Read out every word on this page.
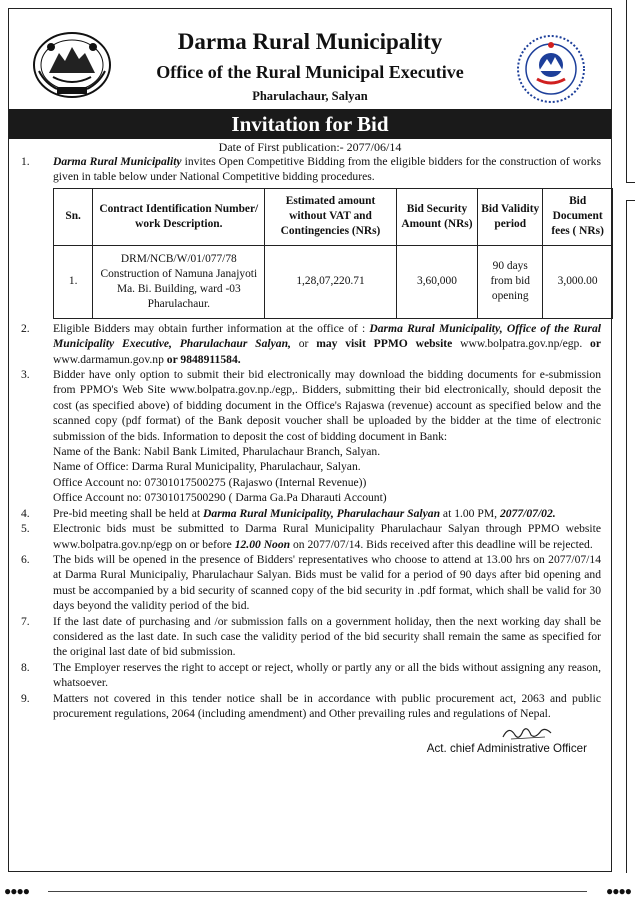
Darma Rural Municipality
Office of the Rural Municipal Executive
Pharulachaur, Salyan
Invitation for Bid
Date of First publication:- 2077/06/14
1.	Darma Rural Municipality invites Open Competitive Bidding from the eligible bidders for the construction of works given in table below under National Competitive bidding procedures.
Sn.	Contract Identification Number/ work Description.	Estimated amount without VAT and Contingencies (NRs)	Bid Security Amount (NRs)	Bid Validity period	Bid Document fees ( NRs)
1.	DRM/NCB/W/01/077/78
Construction of Namuna Janajyoti Ma. Bi. Building, ward -03 Pharulachaur.	1,28,07,220.71	3,60,000	90 days from bid opening	3,000.00
2.	Eligible Bidders may obtain further information at the office of : Darma Rural Municipality, Office of the Rural Municipality Executive, Pharulachaur Salyan, or may visit PPMO website www.bolpatra.gov.np/egp. or www.darmamun.gov.np or 9848911584.
3.	Bidder have only option to submit their bid electronically may download the bidding documents for e-submission from PPMO's Web Site www.bolpatra.gov.np./egp,. Bidders, submitting their bid electronically, should deposit the cost (as specified above) of bidding document in the Office's Rajaswa (revenue) account as specified below and the scanned copy (pdf format) of the Bank deposit voucher shall be uploaded by the bidder at the time of electronic submission of the bids. Information to deposit the cost of bidding document in Bank:
Name of the Bank: Nabil Bank Limited, Pharulachaur Branch, Salyan.
Name of Office: Darma Rural Municipality, Pharulachaur, Salyan.
Office Account no: 07301017500275 (Rajaswo (Internal Revenue))
Office Account no: 07301017500290 ( Darma Ga.Pa Dharauti Account)
4.	Pre-bid meeting shall be held at Darma Rural Municipality, Pharulachaur Salyan at 1.00 PM, 2077/07/02.
5.	Electronic bids must be submitted to Darma Rural Municipality Pharulachaur Salyan through PPMO website www.bolpatra.gov.np/egp on or before 12.00 Noon on 2077/07/14. Bids received after this deadline will be rejected.
6.	The bids will be opened in the presence of Bidders' representatives who choose to attend at 13.00 hrs on 2077/07/14 at Darma Rural Municipaliy, Pharulachaur Salyan. Bids must be valid for a period of 90 days after bid opening and must be accompanied by a bid security of scanned copy of the bid security in .pdf format, which shall be valid for 30 days beyond the validity period of the bid.
7.	If the last date of purchasing and /or submission falls on a government holiday, then the next working day shall be considered as the last date. In such case the validity period of the bid security shall remain the same as specified for the original last date of bid submission.
8.	The Employer reserves the right to accept or reject, wholly or partly any or all the bids without assigning any reason, whatsoever.
9.	Matters not covered in this tender notice shall be in accordance with public procurement act, 2063 and public procurement regulations, 2064 (including amendment) and Other prevailing rules and regulations of Nepal.
Act. chief Administrative Officer
●●●●	●●●●
